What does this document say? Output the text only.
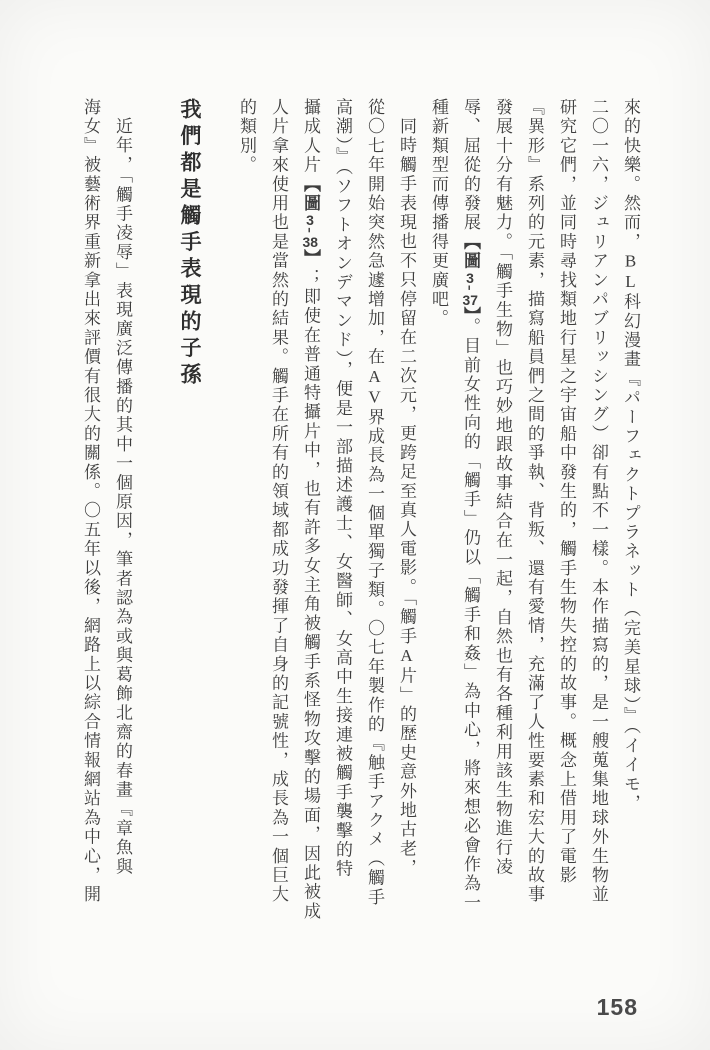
來的快樂。然而，BL科幻漫畫『パーフェクトプラネット（完美星球）』（イイモ，
二〇一六，ジュリアンパブリッシング）卻有點不一樣。本作描寫的，是一艘蒐集地球外生物並
研究它們，並同時尋找類地行星之宇宙船中發生的，觸手生物失控的故事。概念上借用了電影
『異形』系列的元素，描寫船員們之間的爭執、背叛、還有愛情，充滿了人性要素和宏大的故事
發展十分有魅力。「觸手生物」也巧妙地跟故事結合在一起，自然也有各種利用該生物進行凌
辱、屈從的發展【圖3-37】。目前女性向的「觸手」仍以「觸手和姦」為中心，將來想必會作為一
種新類型而傳播得更廣吧。
同時觸手表現也不只停留在二次元，更跨足至真人電影。「觸手A片」的歷史意外地古老，
從〇七年開始突然急遽增加，在AV界成長為一個單獨子類。〇七年製作的『触手アクメ（觸手
高潮）』（ソフトオンデマンド），便是一部描述護士、女醫師、女高中生接連被觸手襲擊的特
攝成人片【圖3-38】；即使在普通特攝片中，也有許多女主角被觸手系怪物攻擊的場面，因此被成
人片拿來使用也是當然的結果。觸手在所有的領域都成功發揮了自身的記號性，成長為一個巨大
的類別。
我們都是觸手表現的子孫
近年，「觸手凌辱」表現廣泛傳播的其中一個原因，筆者認為或與葛飾北齋的春畫『章魚與
海女』被藝術界重新拿出來評價有很大的關係。〇五年以後，網路上以綜合情報網站為中心，開
158
